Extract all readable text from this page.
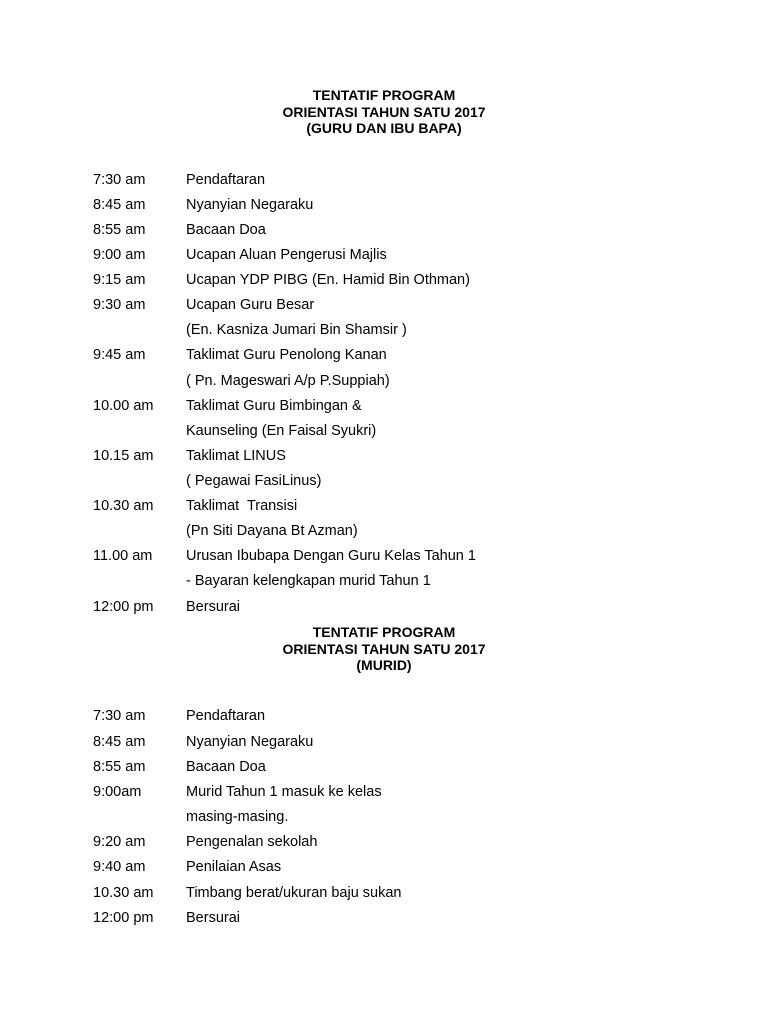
TENTATIF PROGRAM
ORIENTASI TAHUN SATU 2017
(GURU DAN IBU BAPA)
7:30 am	Pendaftaran
8:45 am	Nyanyian Negaraku
8:55 am	Bacaan Doa
9:00 am	Ucapan Aluan Pengerusi Majlis
9:15 am	Ucapan YDP PIBG (En. Hamid Bin Othman)
9:30 am	Ucapan Guru Besar
(En. Kasniza Jumari Bin Shamsir )
9:45 am	Taklimat Guru Penolong Kanan
( Pn. Mageswari A/p P.Suppiah)
10.00 am Taklimat Guru Bimbingan &
Kaunseling (En Faisal Syukri)
10.15 am Taklimat LINUS
( Pegawai FasiLinus)
10.30 am Taklimat  Transisi
(Pn Siti Dayana Bt Azman)
11.00 am Urusan Ibubapa Dengan Guru Kelas Tahun 1
- Bayaran kelengkapan murid Tahun 1
12:00 pm Bersurai
TENTATIF PROGRAM
ORIENTASI TAHUN SATU 2017
(MURID)
7:30 am	Pendaftaran
8:45 am	Nyanyian Negaraku
8:55 am	Bacaan Doa
9:00am	Murid Tahun 1 masuk ke kelas
masing-masing.
9:20 am	Pengenalan sekolah
9:40 am	Penilaian Asas
10.30 am Timbang berat/ukuran baju sukan
12:00 pm Bersurai
